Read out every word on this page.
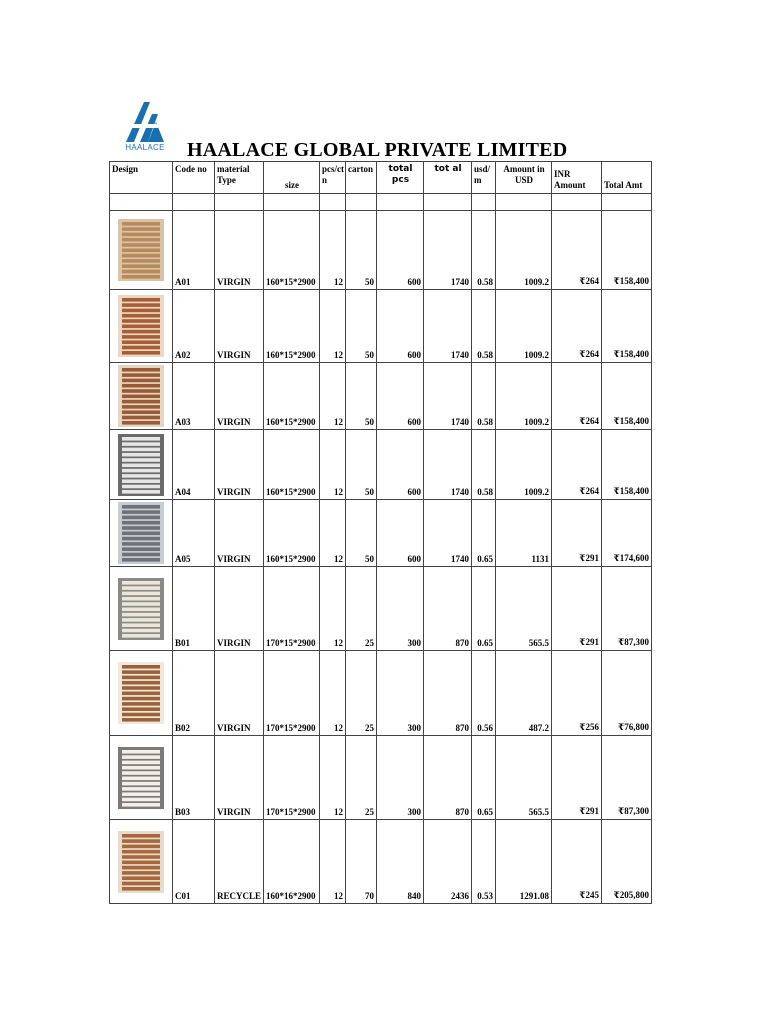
HAALACE	HAALACE GLOBAL PRIVATE LIMITED
Design	Code no	material Type	size	pcs/ct n	carton	total pcs	tot al	usd/ m	Amount in USD	INR Amount	Total Amt

	A01	VIRGIN	160*15*2900	12	50	600	1740	0.58	1009.2	₹264	₹158,400

	A02	VIRGIN	160*15*2900	12	50	600	1740	0.58	1009.2	₹264	₹158,400

	A03	VIRGIN	160*15*2900	12	50	600	1740	0.58	1009.2	₹264	₹158,400

	A04	VIRGIN	160*15*2900	12	50	600	1740	0.58	1009.2	₹264	₹158,400

	A05	VIRGIN	160*15*2900	12	50	600	1740	0.65	1131	₹291	₹174,600

	B01	VIRGIN	170*15*2900	12	25	300	870	0.65	565.5	₹291	₹87,300

	B02	VIRGIN	170*15*2900	12	25	300	870	0.56	487.2	₹256	₹76,800

	B03	VIRGIN	170*15*2900	12	25	300	870	0.65	565.5	₹291	₹87,300

	C01	RECYCLE	160*16*2900	12	70	840	2436	0.53	1291.08	₹245	₹205,800
